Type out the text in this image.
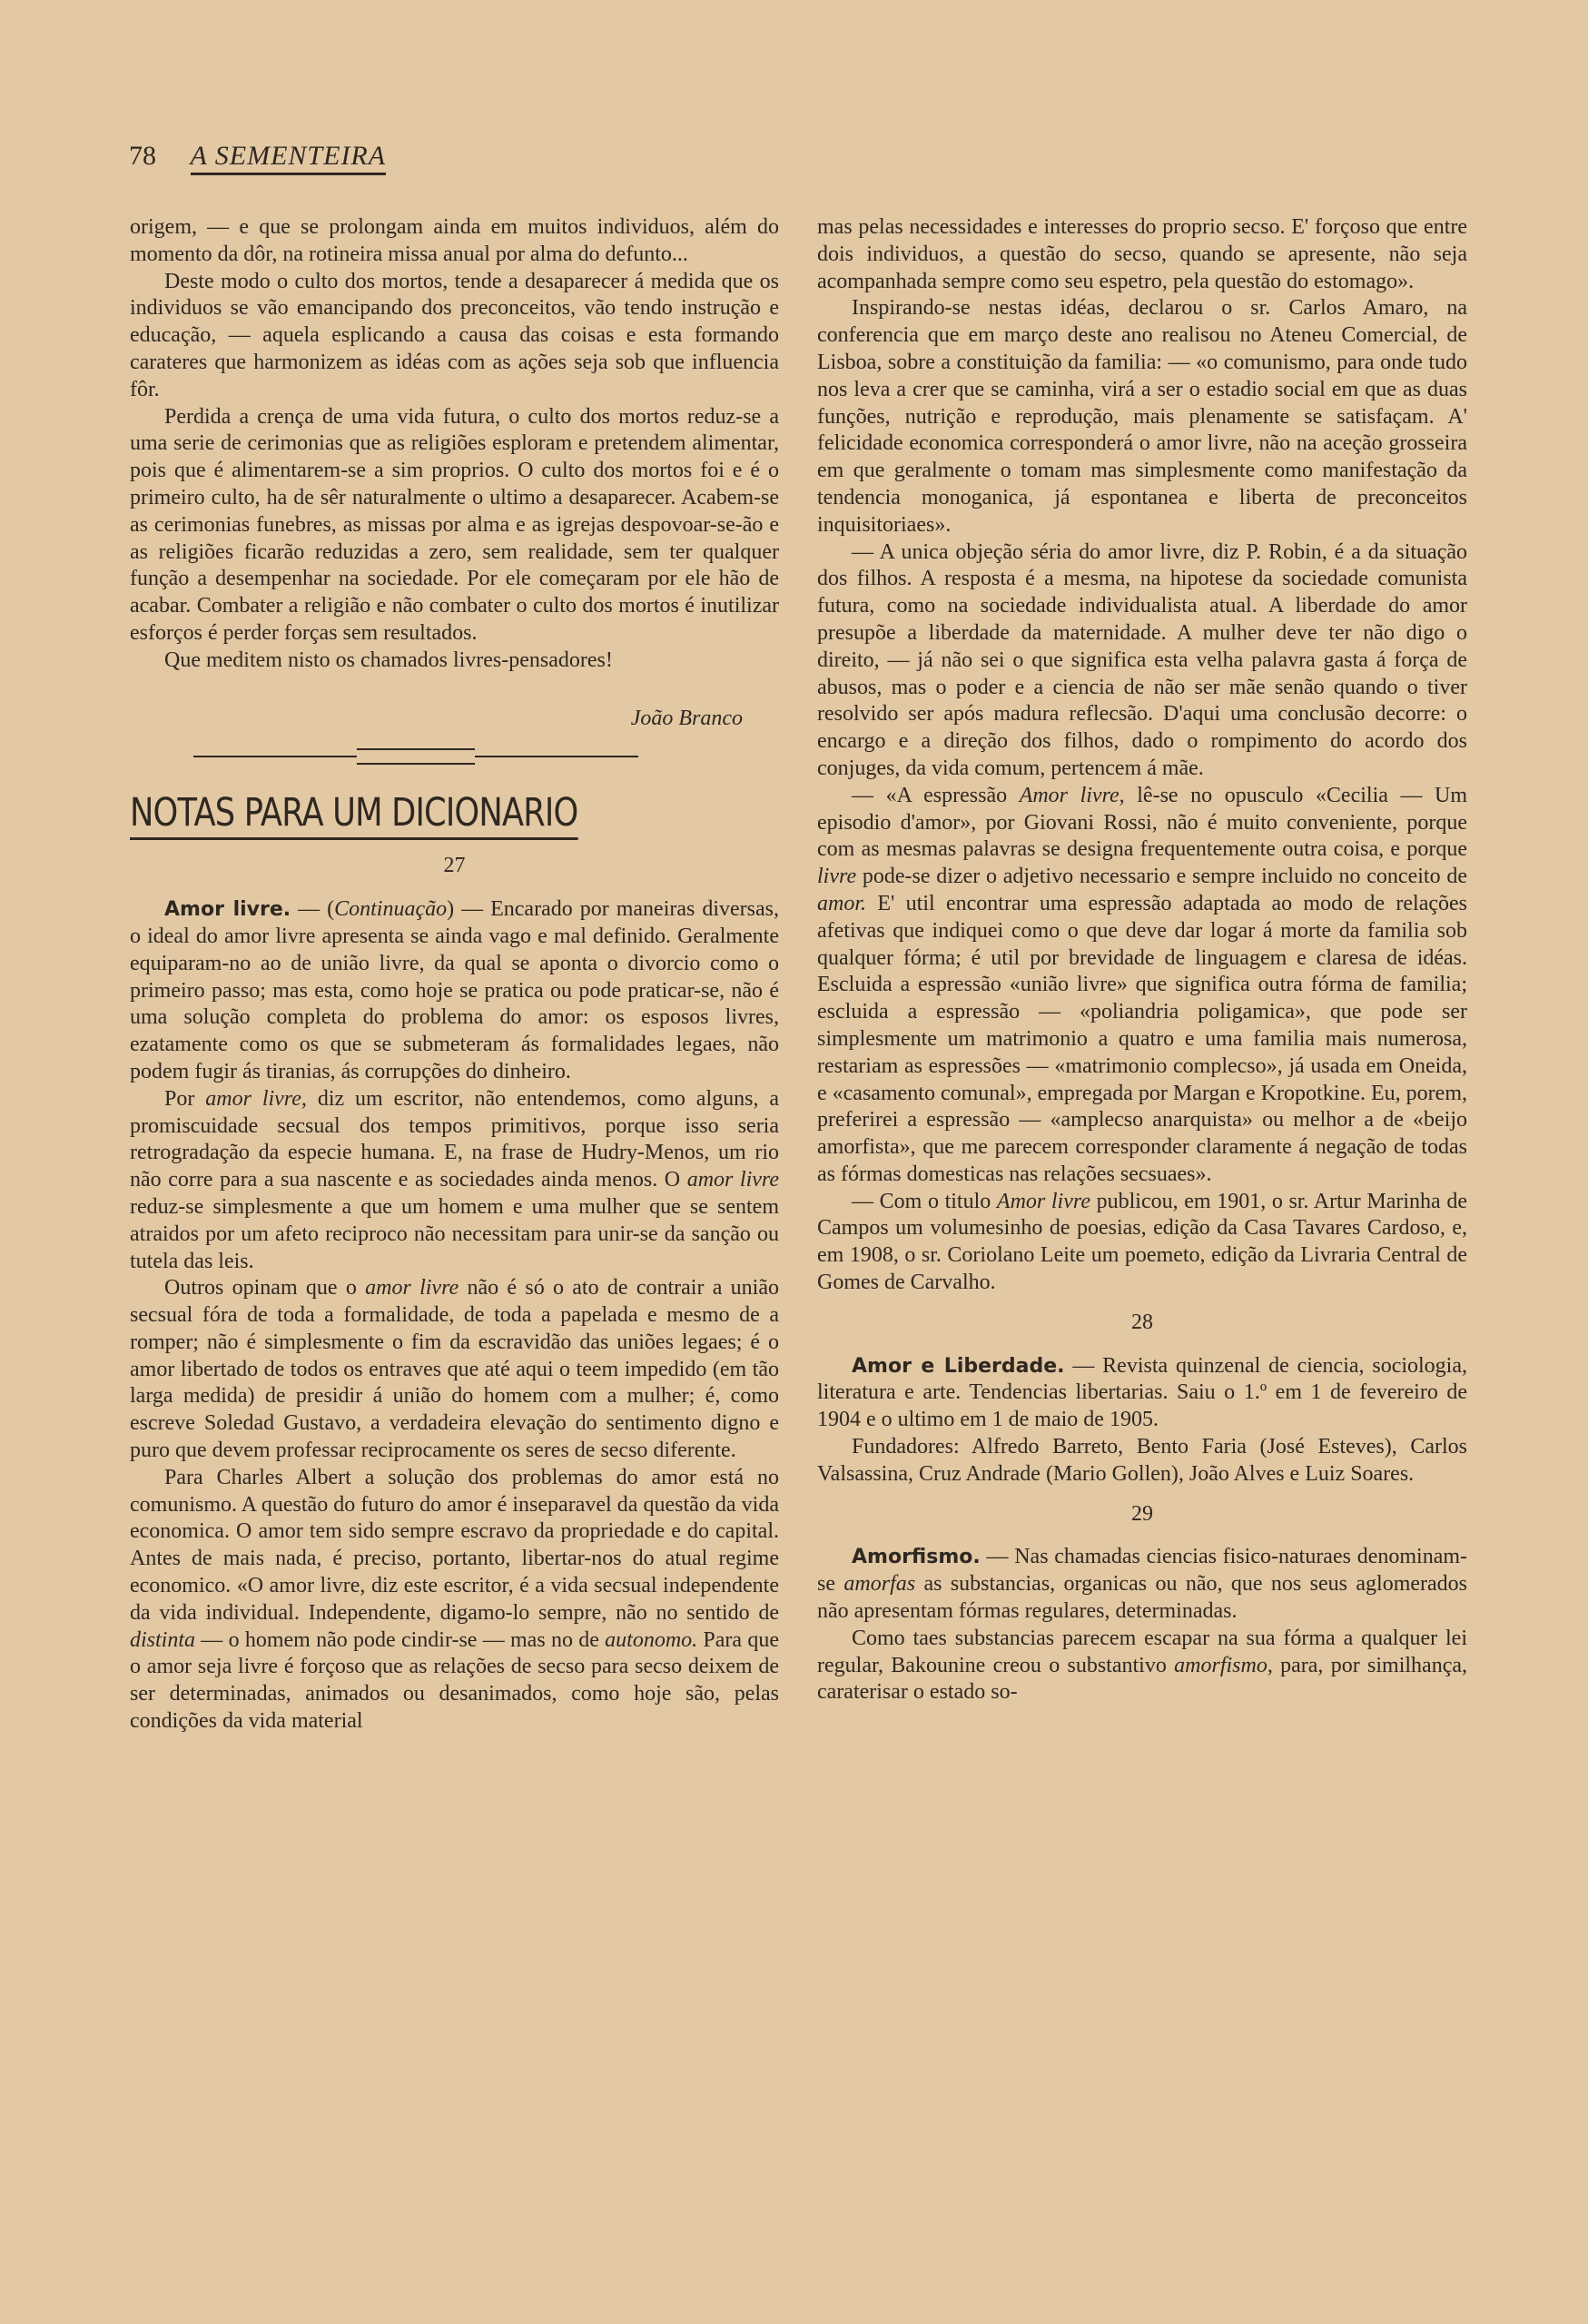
78 A SEMENTEIRA

origem, — e que se prolongam ainda em muitos individuos, além do momento da dôr, na rotineira missa anual por alma do defunto...

Deste modo o culto dos mortos, tende a desaparecer á medida que os individuos se vão emancipando dos preconceitos, vão tendo instrução e educação, — aquela esplicando a causa das coisas e esta formando carateres que harmonizem as idéas com as ações seja sob que influencia fôr.

Perdida a crença de uma vida futura, o culto dos mortos reduz-se a uma serie de cerimonias que as religiões esploram e pretendem alimentar, pois que é alimentarem-se a sim proprios. O culto dos mortos foi e é o primeiro culto, ha de sêr naturalmente o ultimo a desaparecer. Acabem-se as cerimonias funebres, as missas por alma e as igrejas despovoar-se-ão e as religiões ficarão reduzidas a zero, sem realidade, sem ter qualquer função a desempenhar na sociedade. Por ele começaram por ele hão de acabar. Combater a religião e não combater o culto dos mortos é inutilizar esforços é perder forças sem resultados.

Que meditem nisto os chamados livres-pensadores!

João Branco
NOTAS PARA UM DICIONARIO
27

Amor livre. — (Continuação) — Encarado por maneiras diversas, o ideal do amor livre apresenta se ainda vago e mal definido. Geralmente equiparam-no ao de união livre, da qual se aponta o divorcio como o primeiro passo; mas esta, como hoje se pratica ou pode praticar-se, não é uma solução completa do problema do amor: os esposos livres, ezatamente como os que se submeteram ás formalidades legaes, não podem fugir ás tiranias, ás corrupções do dinheiro.

Por amor livre, diz um escritor, não entendemos, como alguns, a promiscuidade secsual dos tempos primitivos, porque isso seria retrogradação da especie humana. E, na frase de Hudry-Menos, um rio não corre para a sua nascente e as sociedades ainda menos. O amor livre reduz-se simplesmente a que um homem e uma mulher que se sentem atraidos por um afeto reciproco não necessitam para unir-se da sanção ou tutela das leis.

Outros opinam que o amor livre não é só o ato de contrair a união secsual fóra de toda a formalidade, de toda a papelada e mesmo de a romper; não é simplesmente o fim da escravidão das uniões legaes; é o amor libertado de todos os entraves que até aqui o teem impedido (em tão larga medida) de presidir á união do homem com a mulher; é, como escreve Soledad Gustavo, a verdadeira elevação do sentimento digno e puro que devem professar reciprocamente os seres de secso diferente.

Para Charles Albert a solução dos problemas do amor está no comunismo. A questão do futuro do amor é inseparavel da questão da vida economica. O amor tem sido sempre escravo da propriedade e do capital. Antes de mais nada, é preciso, portanto, libertar-nos do atual regime economico. «O amor livre, diz este escritor, é a vida secsual independente da vida individual. Independente, digamo-lo sempre, não no sentido de distinta — o homem não pode cindir-se — mas no de autonomo. Para que o amor seja livre é forçoso que as relações de secso para secso deixem de ser determinadas, animados ou desanimados, como hoje são, pelas condições da vida material

mas pelas necessidades e interesses do proprio secso. E' forçoso que entre dois individuos, a questão do secso, quando se apresente, não seja acompanhada sempre como seu espetro, pela questão do estomago».

Inspirando-se nestas idéas, declarou o sr. Carlos Amaro, na conferencia que em março deste ano realisou no Ateneu Comercial, de Lisboa, sobre a constituição da familia: — «o comunismo, para onde tudo nos leva a crer que se caminha, virá a ser o estadio social em que as duas funções, nutrição e reprodução, mais plenamente se satisfaçam. A' felicidade economica corresponderá o amor livre, não na aceção grosseira em que geralmente o tomam mas simplesmente como manifestação da tendencia monoganica, já espontanea e liberta de preconceitos inquisitoriaes».

— A unica objeção séria do amor livre, diz P. Robin, é a da situação dos filhos. A resposta é a mesma, na hipotese da sociedade comunista futura, como na sociedade individualista atual. A liberdade do amor presupõe a liberdade da maternidade. A mulher deve ter não digo o direito, — já não sei o que significa esta velha palavra gasta á força de abusos, mas o poder e a ciencia de não ser mãe senão quando o tiver resolvido ser após madura reflecsão. D'aqui uma conclusão decorre: o encargo e a direção dos filhos, dado o rompimento do acordo dos conjuges, da vida comum, pertencem á mãe.

— «A espressão Amor livre, lê-se no opusculo «Cecilia — Um episodio d'amor», por Giovani Rossi, não é muito conveniente, porque com as mesmas palavras se designa frequentemente outra coisa, e porque livre pode-se dizer o adjetivo necessario e sempre incluido no conceito de amor. E' util encontrar uma espressão adaptada ao modo de relações afetivas que indiquei como o que deve dar logar á morte da familia sob qualquer fórma; é util por brevidade de linguagem e claresa de idéas. Escluida a espressão «união livre» que significa outra fórma de familia; escluida a espressão — «poliandria poligamica», que pode ser simplesmente um matrimonio a quatro e uma familia mais numerosa, restariam as espressões — «matrimonio complecso», já usada em Oneida, e «casamento comunal», empregada por Margan e Kropotkine. Eu, porem, preferirei a espressão — «amplecso anarquista» ou melhor a de «beijo amorfista», que me parecem corresponder claramente á negação de todas as fórmas domesticas nas relações secsuaes».

— Com o titulo Amor livre publicou, em 1901, o sr. Artur Marinha de Campos um volumesinho de poesias, edição da Casa Tavares Cardoso, e, em 1908, o sr. Coriolano Leite um poemeto, edição da Livraria Central de Gomes de Carvalho.

28

Amor e Liberdade. — Revista quinzenal de ciencia, sociologia, literatura e arte. Tendencias libertarias. Saiu o 1.º em 1 de fevereiro de 1904 e o ultimo em 1 de maio de 1905.

Fundadores: Alfredo Barreto, Bento Faria (José Esteves), Carlos Valsassina, Cruz Andrade (Mario Gollen), João Alves e Luiz Soares.

29

Amorfismo. — Nas chamadas ciencias fisico-naturaes denominam-se amorfas as substancias, organicas ou não, que nos seus aglomerados não apresentam fórmas regulares, determinadas.

Como taes substancias parecem escapar na sua fórma a qualquer lei regular, Bakounine creou o substantivo amorfismo, para, por similhança, caraterisar o estado so-
